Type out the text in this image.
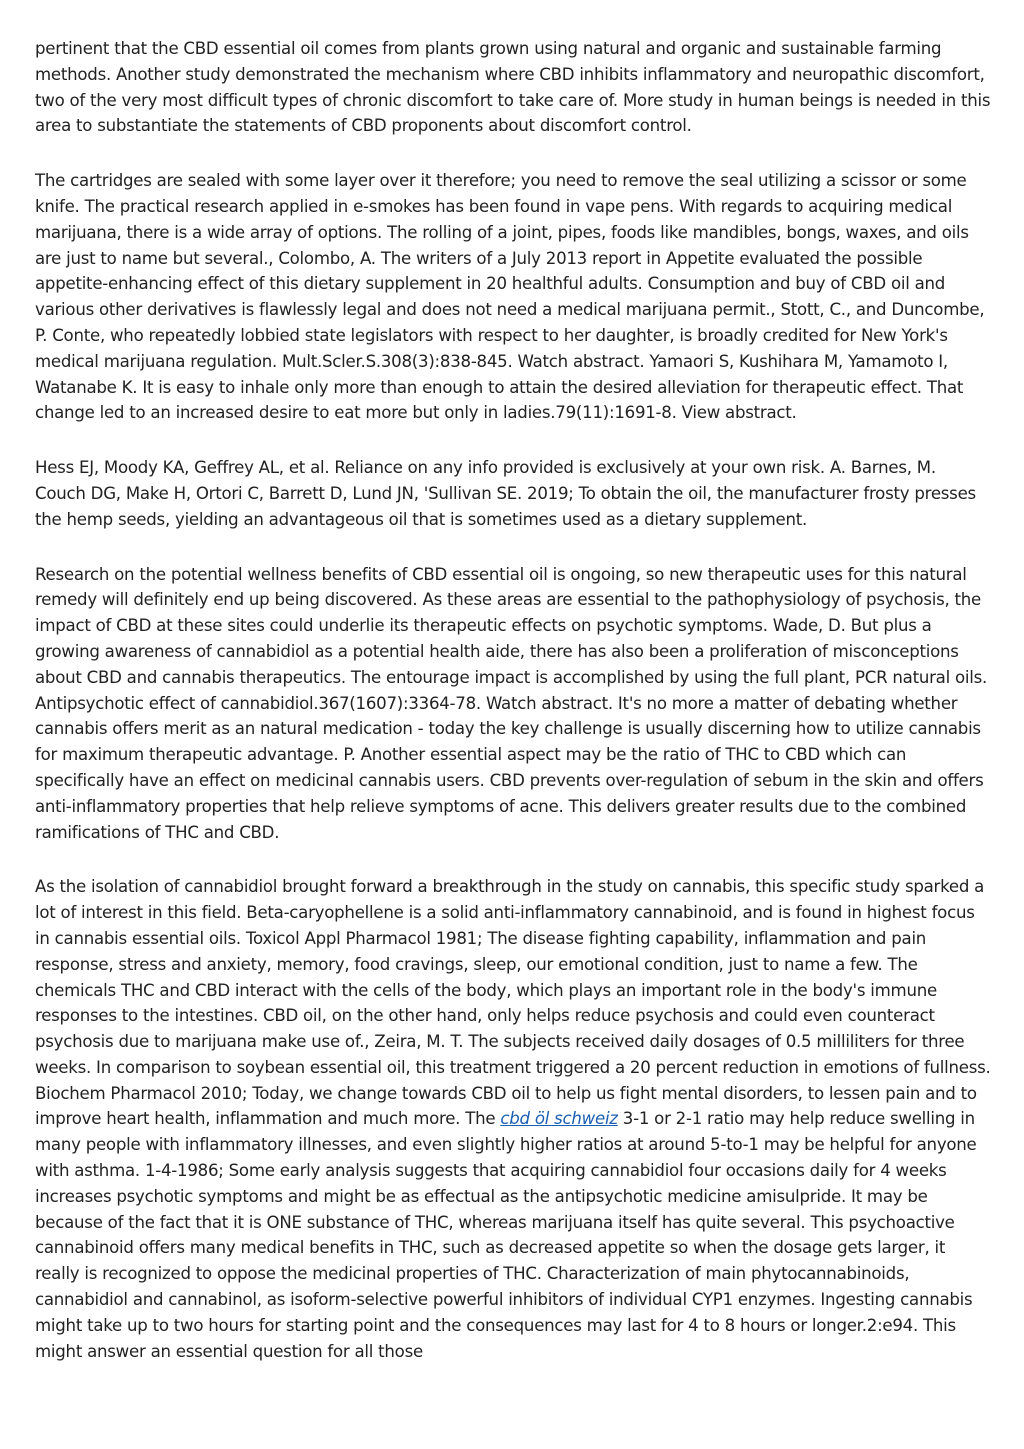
pertinent that the CBD essential oil comes from plants grown using natural and organic and sustainable farming methods. Another study demonstrated the mechanism where CBD inhibits inflammatory and neuropathic discomfort, two of the very most difficult types of chronic discomfort to take care of. More study in human beings is needed in this area to substantiate the statements of CBD proponents about discomfort control.

The cartridges are sealed with some layer over it therefore; you need to remove the seal utilizing a scissor or some knife. The practical research applied in e-smokes has been found in vape pens. With regards to acquiring medical marijuana, there is a wide array of options. The rolling of a joint, pipes, foods like mandibles, bongs, waxes, and oils are just to name but several., Colombo, A. The writers of a July 2013 report in Appetite evaluated the possible appetite-enhancing effect of this dietary supplement in 20 healthful adults. Consumption and buy of CBD oil and various other derivatives is flawlessly legal and does not need a medical marijuana permit., Stott, C., and Duncombe, P. Conte, who repeatedly lobbied state legislators with respect to her daughter, is broadly credited for New York's medical marijuana regulation. Mult.Scler.S.308(3):838-845. Watch abstract. Yamaori S, Kushihara M, Yamamoto I, Watanabe K. It is easy to inhale only more than enough to attain the desired alleviation for therapeutic effect. That change led to an increased desire to eat more but only in ladies.79(11):1691-8. View abstract.

Hess EJ, Moody KA, Geffrey AL, et al. Reliance on any info provided is exclusively at your own risk. A. Barnes, M. Couch DG, Make H, Ortori C, Barrett D, Lund JN, 'Sullivan SE. 2019; To obtain the oil, the manufacturer frosty presses the hemp seeds, yielding an advantageous oil that is sometimes used as a dietary supplement.

Research on the potential wellness benefits of CBD essential oil is ongoing, so new therapeutic uses for this natural remedy will definitely end up being discovered. As these areas are essential to the pathophysiology of psychosis, the impact of CBD at these sites could underlie its therapeutic effects on psychotic symptoms. Wade, D. But plus a growing awareness of cannabidiol as a potential health aide, there has also been a proliferation of misconceptions about CBD and cannabis therapeutics. The entourage impact is accomplished by using the full plant, PCR natural oils. Antipsychotic effect of cannabidiol.367(1607):3364-78. Watch abstract. It's no more a matter of debating whether cannabis offers merit as an natural medication - today the key challenge is usually discerning how to utilize cannabis for maximum therapeutic advantage. P. Another essential aspect may be the ratio of THC to CBD which can specifically have an effect on medicinal cannabis users. CBD prevents over-regulation of sebum in the skin and offers anti-inflammatory properties that help relieve symptoms of acne. This delivers greater results due to the combined ramifications of THC and CBD.

As the isolation of cannabidiol brought forward a breakthrough in the study on cannabis, this specific study sparked a lot of interest in this field. Beta-caryophellene is a solid anti-inflammatory cannabinoid, and is found in highest focus in cannabis essential oils. Toxicol Appl Pharmacol 1981; The disease fighting capability, inflammation and pain response, stress and anxiety, memory, food cravings, sleep, our emotional condition, just to name a few. The chemicals THC and CBD interact with the cells of the body, which plays an important role in the body's immune responses to the intestines. CBD oil, on the other hand, only helps reduce psychosis and could even counteract psychosis due to marijuana make use of., Zeira, M. T. The subjects received daily dosages of 0.5 milliliters for three weeks. In comparison to soybean essential oil, this treatment triggered a 20 percent reduction in emotions of fullness. Biochem Pharmacol 2010; Today, we change towards CBD oil to help us fight mental disorders, to lessen pain and to improve heart health, inflammation and much more. The cbd öl schweiz 3-1 or 2-1 ratio may help reduce swelling in many people with inflammatory illnesses, and even slightly higher ratios at around 5-to-1 may be helpful for anyone with asthma. 1-4-1986; Some early analysis suggests that acquiring cannabidiol four occasions daily for 4 weeks increases psychotic symptoms and might be as effectual as the antipsychotic medicine amisulpride. It may be because of the fact that it is ONE substance of THC, whereas marijuana itself has quite several. This psychoactive cannabinoid offers many medical benefits in THC, such as decreased appetite so when the dosage gets larger, it really is recognized to oppose the medicinal properties of THC. Characterization of main phytocannabinoids, cannabidiol and cannabinol, as isoform-selective powerful inhibitors of individual CYP1 enzymes. Ingesting cannabis might take up to two hours for starting point and the consequences may last for 4 to 8 hours or longer.2:e94. This might answer an essential question for all those
